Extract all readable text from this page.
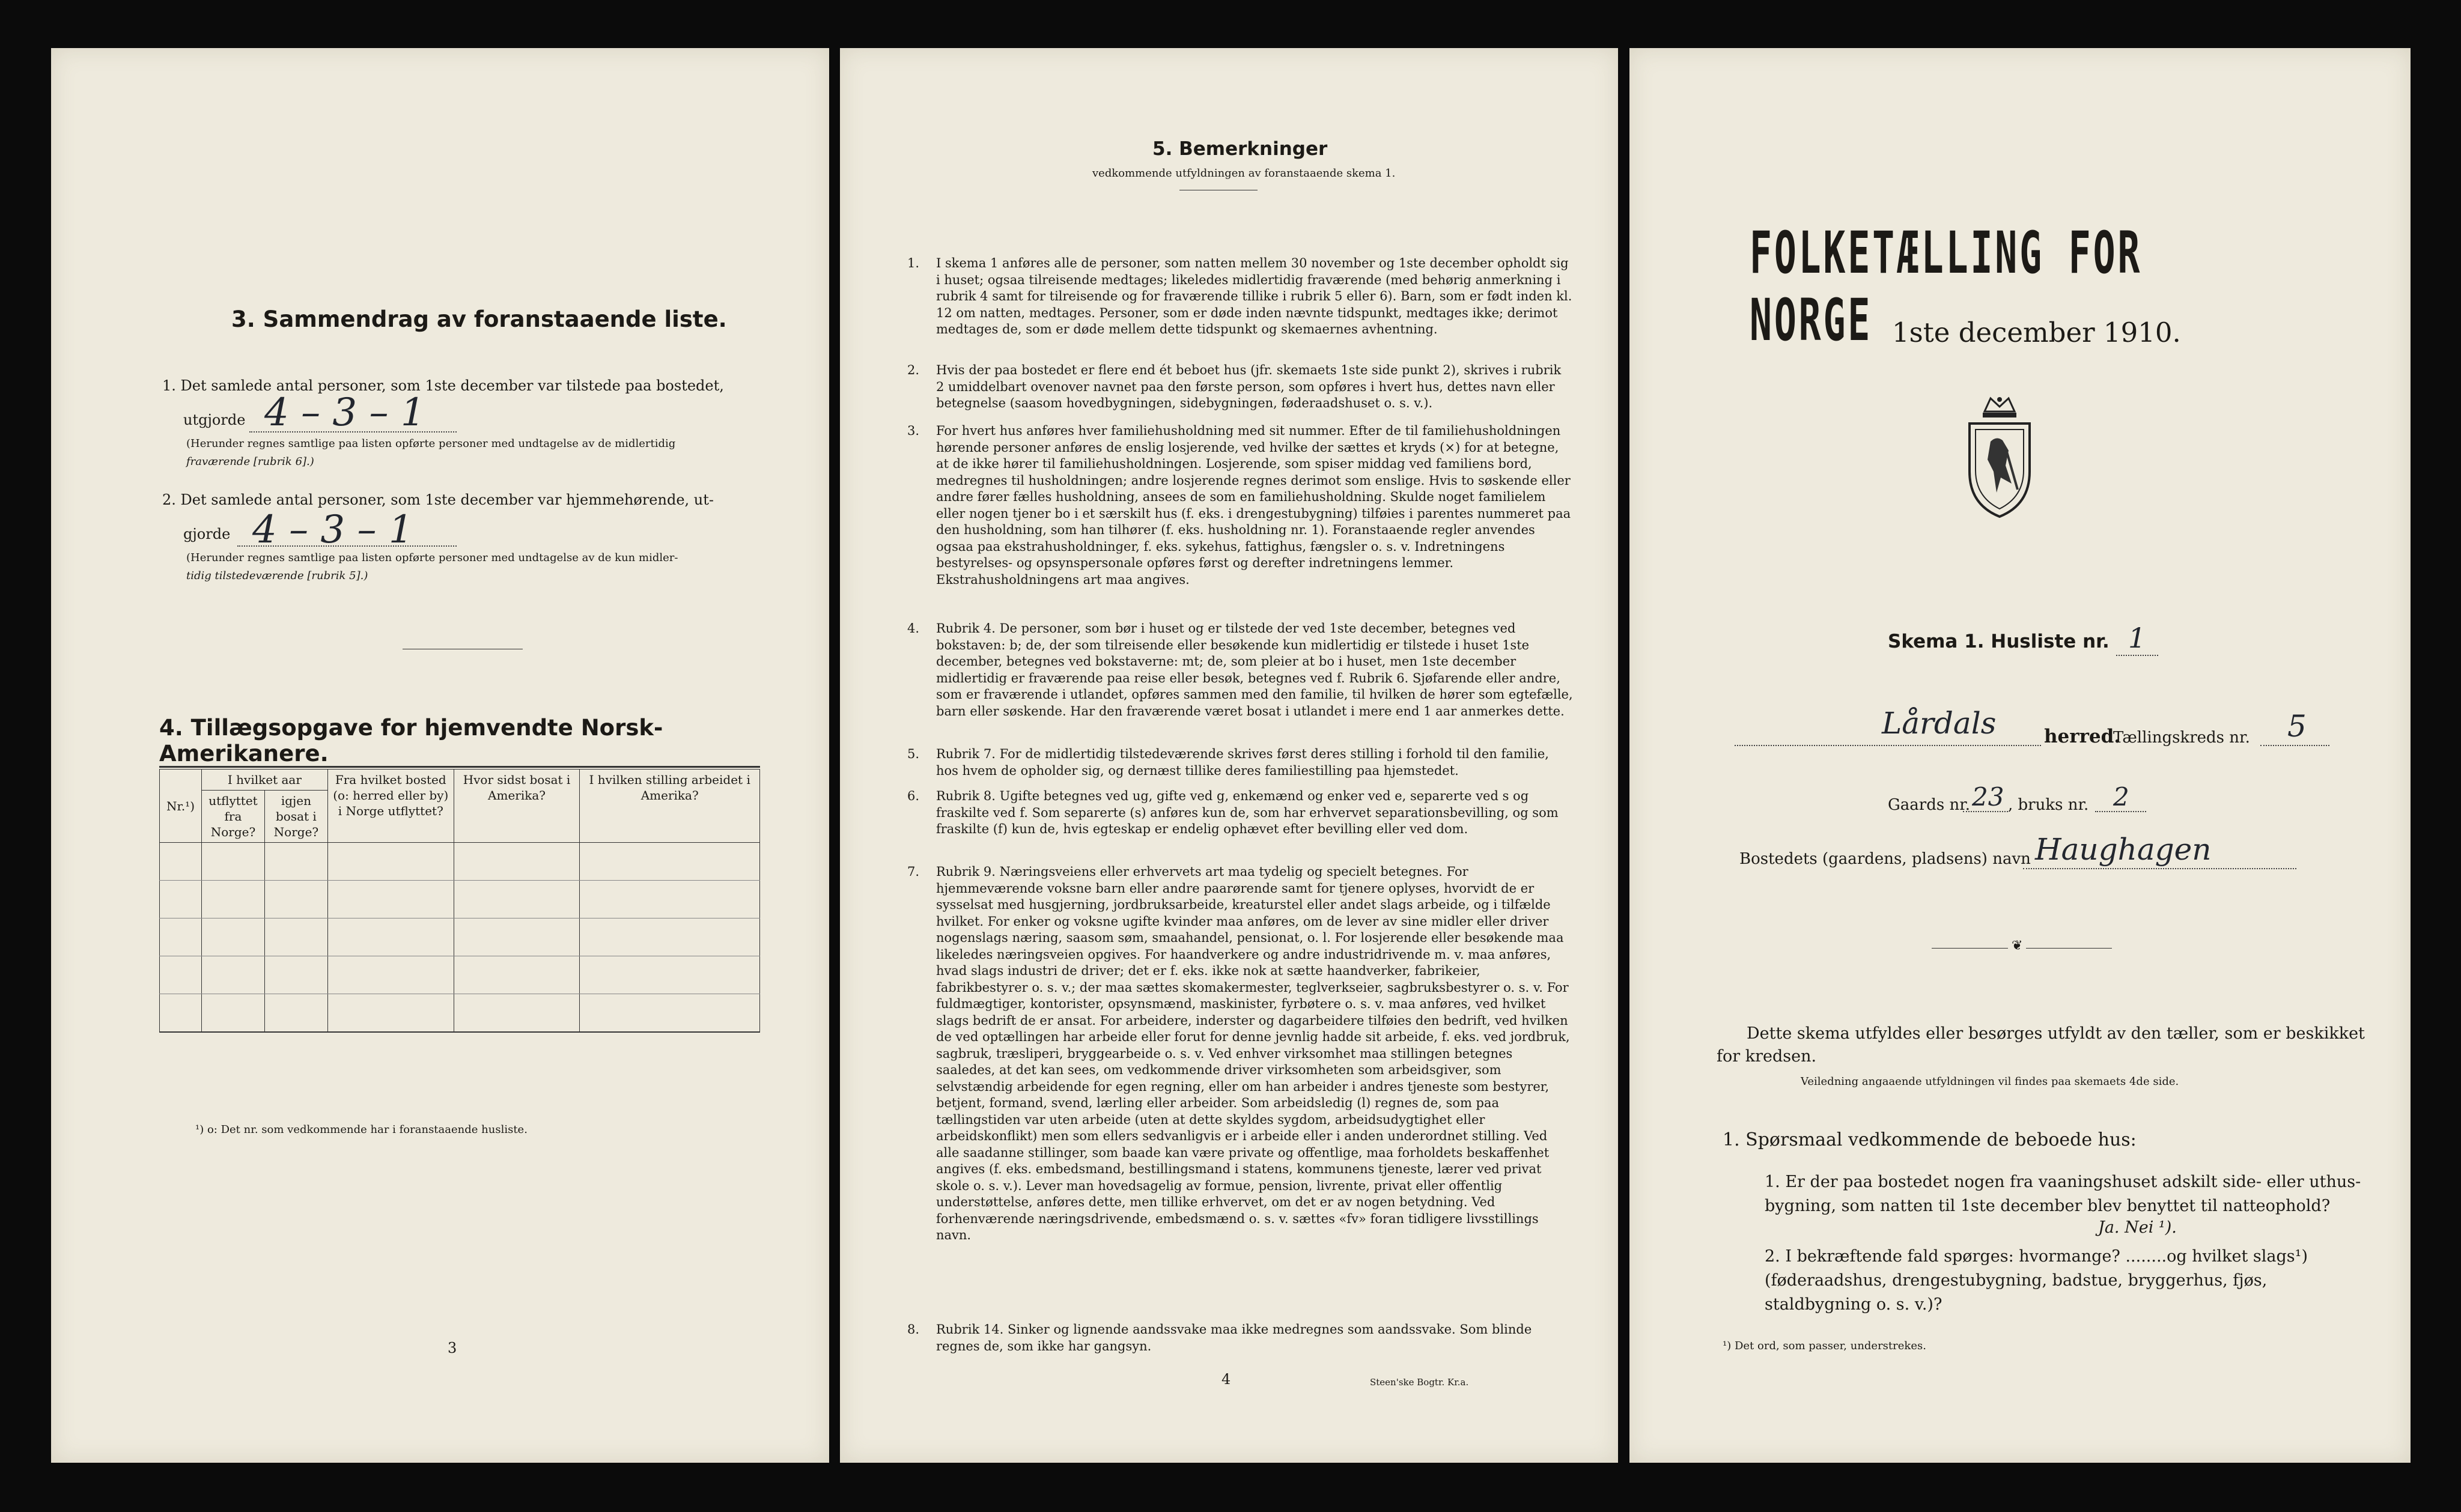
3. Sammendrag av foranstaaende liste.
1. Det samlede antal personer, som 1ste december var tilstede paa bostedet,
utgjorde 4 – 3 – 1
(Herunder regnes samtlige paa listen opførte personer med undtagelse av de midlertidig
fraværende [rubrik 6].)
2. Det samlede antal personer, som 1ste december var hjemmehørende, ut-
gjorde 4 – 3 – 1
(Herunder regnes samtlige paa listen opførte personer med undtagelse av de kun midler-
tidig tilstedeværende [rubrik 5].)
4. Tillægsopgave for hjemvendte Norsk-Amerikanere.
Nr.¹)	I hvilket aar		Fra hvilket bosted (o: herred eller by) i Norge utflyttet?	Hvor sidst bosat i Amerika?	I hvilken stilling arbeidet i Amerika?
	utflyttet fra Norge?	igjen bosat i Norge?			

¹) o: Det nr. som vedkommende har i foranstaaende husliste.
3
5. Bemerkninger
vedkommende utfyldningen av foranstaaende skema 1.
1. I skema 1 anføres alle de personer, som natten mellem 30 november og 1ste december opholdt sig i huset; ogsaa tilreisende medtages; likeledes midlertidig fraværende (med behørig anmerkning i rubrik 4 samt for tilreisende og for fraværende tillike i rubrik 5 eller 6). Barn, som er født inden kl. 12 om natten, medtages. Personer, som er døde inden nævnte tidspunkt, medtages ikke; derimot medtages de, som er døde mellem dette tidspunkt og skemaernes avhentning.
2. Hvis der paa bostedet er flere end ét beboet hus (jfr. skemaets 1ste side punkt 2), skrives i rubrik 2 umiddelbart ovenover navnet paa den første person, som opføres i hvert hus, dettes navn eller betegnelse (saasom hovedbygningen, sidebygningen, føderaadshuset o. s. v.).
3. For hvert hus anføres hver familiehusholdning med sit nummer. Efter de til familiehusholdningen hørende personer anføres de enslig losjerende, ved hvilke der sættes et kryds (×) for at betegne, at de ikke hører til familiehusholdningen. Losjerende, som spiser middag ved familiens bord, medregnes til husholdningen; andre losjerende regnes derimot som enslige. Hvis to søskende eller andre fører fælles husholdning, ansees de som en familiehusholdning. Skulde noget familielem eller nogen tjener bo i et særskilt hus (f. eks. i drengestubygning) tilføies i parentes nummeret paa den husholdning, som han tilhører (f. eks. husholdning nr. 1). Foranstaaende regler anvendes ogsaa paa ekstrahusholdninger, f. eks. sykehus, fattighus, fængsler o. s. v. Indretningens bestyrelses- og opsynspersonale opføres først og derefter indretningens lemmer. Ekstrahusholdningens art maa angives.
4. Rubrik 4. De personer, som bør i huset og er tilstede der ved 1ste december, betegnes ved bokstaven: b; de, der som tilreisende eller besøkende kun midlertidig er tilstede i huset 1ste december, betegnes ved bokstaverne: mt; de, som pleier at bo i huset, men 1ste december midlertidig er fraværende paa reise eller besøk, betegnes ved f. Rubrik 6. Sjøfarende eller andre, som er fraværende i utlandet, opføres sammen med den familie, til hvilken de hører som egtefælle, barn eller søskende. Har den fraværende været bosat i utlandet i mere end 1 aar anmerkes dette.
5. Rubrik 7. For de midlertidig tilstedeværende skrives først deres stilling i forhold til den familie, hos hvem de opholder sig, og dernæst tillike deres familiestilling paa hjemstedet.
6. Rubrik 8. Ugifte betegnes ved ug, gifte ved g, enkemænd og enker ved e, separerte ved s og fraskilte ved f. Som separerte (s) anføres kun de, som har erhvervet separationsbevilling, og som fraskilte (f) kun de, hvis egteskap er endelig ophævet efter bevilling eller ved dom.
7. Rubrik 9. Næringsveiens eller erhvervets art maa tydelig og specielt betegnes. For hjemmeværende voksne barn eller andre paarørende samt for tjenere oplyses, hvorvidt de er sysselsat med husgjerning, jordbruksarbeide, kreaturstel eller andet slags arbeide, og i tilfælde hvilket. For enker og voksne ugifte kvinder maa anføres, om de lever av sine midler eller driver nogenslags næring, saasom søm, smaahandel, pensionat, o. l. For losjerende eller besøkende maa likeledes næringsveien opgives. For haandverkere og andre industridrivende m. v. maa anføres, hvad slags industri de driver; det er f. eks. ikke nok at sætte haandverker, fabrikeier, fabrikbestyrer o. s. v.; der maa sættes skomakermester, teglverkseier, sagbruksbestyrer o. s. v. For fuldmægtiger, kontorister, opsynsmænd, maskinister, fyrbøtere o. s. v. maa anføres, ved hvilket slags bedrift de er ansat. For arbeidere, inderster og dagarbeidere tilføies den bedrift, ved hvilken de ved optællingen har arbeide eller forut for denne jevnlig hadde sit arbeide, f. eks. ved jordbruk, sagbruk, træsliperi, bryggearbeide o. s. v. Ved enhver virksomhet maa stillingen betegnes saaledes, at det kan sees, om vedkommende driver virksomheten som arbeidsgiver, som selvstændig arbeidende for egen regning, eller om han arbeider i andres tjeneste som bestyrer, betjent, formand, svend, lærling eller arbeider. Som arbeidsledig (l) regnes de, som paa tællingstiden var uten arbeide (uten at dette skyldes sygdom, arbeidsudygtighet eller arbeidskonflikt) men som ellers sedvanligvis er i arbeide eller i anden underordnet stilling. Ved alle saadanne stillinger, som baade kan være private og offentlige, maa forholdets beskaffenhet angives (f. eks. embedsmand, bestillingsmand i statens, kommunens tjeneste, lærer ved privat skole o. s. v.). Lever man hovedsagelig av formue, pension, livrente, privat eller offentlig understøttelse, anføres dette, men tillike erhvervet, om det er av nogen betydning. Ved forhenværende næringsdrivende, embedsmænd o. s. v. sættes «fv» foran tidligere livsstillings navn.
8. Rubrik 14. Sinker og lignende aandssvake maa ikke medregnes som aandssvake. Som blinde regnes de, som ikke har gangsyn.
4	Steen'ske Bogtr. Kr.a.
FOLKETÆLLING FOR NORGE 1ste december 1910.
Skema 1. Husliste nr. 1
Lårdals	herred.
Tællingskreds nr. 5
Gaards nr. 23 , bruks nr. 2
Bostedets (gaardens, pladsens) navn Haughagen
❦
Dette skema utfyldes eller besørges utfyldt av den tæller, som er beskikket for kredsen.
Veiledning angaaende utfyldningen vil findes paa skemaets 4de side.
1. Spørsmaal vedkommende de beboede hus:
1. Er der paa bostedet nogen fra vaaningshuset adskilt side- eller uthus-bygning, som natten til 1ste december blev benyttet til natteophold?
Ja. Nei ¹).
2. I bekræftende fald spørges: hvormange? ........og hvilket slags¹) (føderaadshus, drengestubygning, badstue, bryggerhus, fjøs, staldbygning o. s. v.)?
¹) Det ord, som passer, understrekes.
